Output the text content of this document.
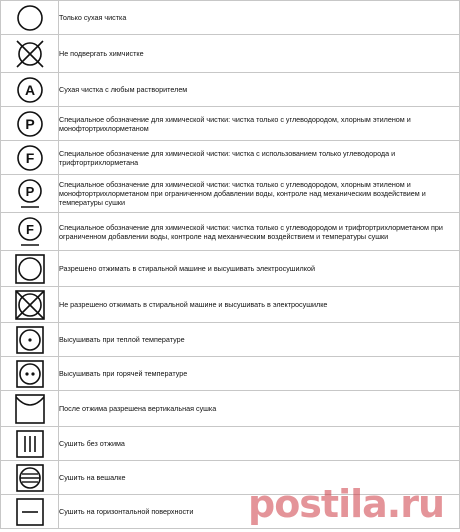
Только сухая чистка

Не подвергать химчистке

A	Сухая чистка с любым растворителем

P	Специальное обозначение для химической чистки: чистка только с углеводородом, хлорным этиленом и монофтортрихлорметаном

F	Специальное обозначение для химической чистки: чистка с использованием только углеводорода и трифтортрихлорметана

P	Специальное обозначение для химической чистки: чистка только с углеводородом, хлорным этиленом и монофтортрихлорметаном при ограниченном добавлении воды, контроле над механическим воздействием и температуры сушки

F	Специальное обозначение для химической чистки: чистка только с углеводородом и трифтортрихлорметаном при ограниченном добавлении воды, контроле над механическим воздействием и температуры сушки

Разрешено отжимать в стиральной машине и высушивать электросушилкой

Не разрешено отжимать в стиральной машине и высушивать в электросушилке

Высушивать при теплой температуре

Высушивать при горячей температуре

После отжима разрешена вертикальная сушка

Сушить без отжима

Сушить на вешалке

Сушить на горизонтальной поверхности	postila.ru
